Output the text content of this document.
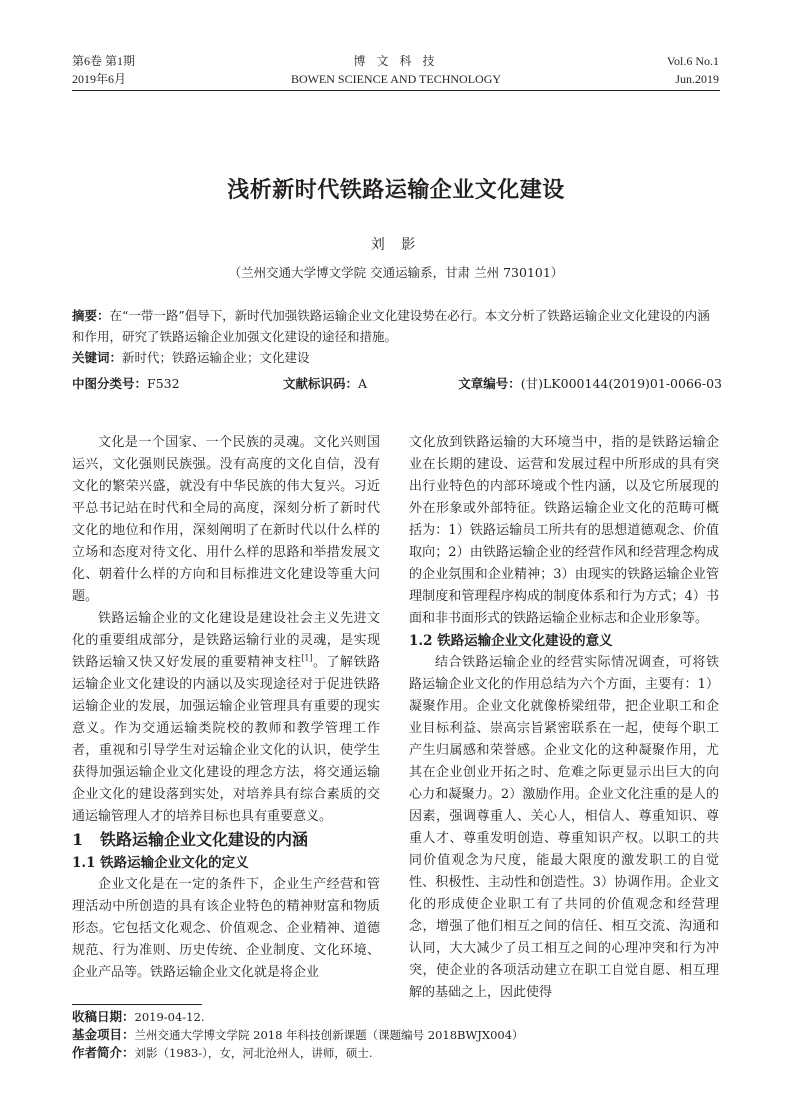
第6卷 第1期
2019年6月
博 文 科 技
BOWEN SCIENCE AND TECHNOLOGY
Vol.6 No.1
Jun.2019
浅析新时代铁路运输企业文化建设
刘 影
（兰州交通大学博文学院 交通运输系，甘肃 兰州 730101）
摘要：在“一带一路”倡导下，新时代加强铁路运输企业文化建设势在必行。本文分析了铁路运输企业文化建设的内涵和作用，研究了铁路运输企业加强文化建设的途径和措施。
关键词：新时代；铁路运输企业；文化建设
中图分类号：F532	文献标识码：A	文章编号：(甘)LK000144(2019)01-0066-03

文化是一个国家、一个民族的灵魂。文化兴则国运兴，文化强则民族强。没有高度的文化自信，没有文化的繁荣兴盛，就没有中华民族的伟大复兴。习近平总书记站在时代和全局的高度，深刻分析了新时代文化的地位和作用，深刻阐明了在新时代以什么样的立场和态度对待文化、用什么样的思路和举措发展文化、朝着什么样的方向和目标推进文化建设等重大问题。

铁路运输企业的文化建设是建设社会主义先进文化的重要组成部分，是铁路运输行业的灵魂，是实现铁路运输又快又好发展的重要精神支柱[1]。了解铁路运输企业文化建设的内涵以及实现途径对于促进铁路运输企业的发展，加强运输企业管理具有重要的现实意义。作为交通运输类院校的教师和教学管理工作者，重视和引导学生对运输企业文化的认识，使学生获得加强运输企业文化建设的理念方法，将交通运输企业文化的建设落到实处，对培养具有综合素质的交通运输管理人才的培养目标也具有重要意义。

1 铁路运输企业文化建设的内涵

1.1 铁路运输企业文化的定义

企业文化是在一定的条件下，企业生产经营和管理活动中所创造的具有该企业特色的精神财富和物质形态。它包括文化观念、价值观念、企业精神、道德规范、行为准则、历史传统、企业制度、文化环境、企业产品等。铁路运输企业文化就是将企业

文化放到铁路运输的大环境当中，指的是铁路运输企业在长期的建设、运营和发展过程中所形成的具有突出行业特色的内部环境或个性内涵，以及它所展现的外在形象或外部特征。铁路运输企业文化的范畴可概括为：1）铁路运输员工所共有的思想道德观念、价值取向；2）由铁路运输企业的经营作风和经营理念构成的企业氛围和企业精神；3）由现实的铁路运输企业管理制度和管理程序构成的制度体系和行为方式；4）书面和非书面形式的铁路运输企业标志和企业形象等。

1.2 铁路运输企业文化建设的意义

结合铁路运输企业的经营实际情况调查，可将铁路运输企业文化的作用总结为六个方面，主要有：1）凝聚作用。企业文化就像桥梁纽带，把企业职工和企业目标利益、崇高宗旨紧密联系在一起，使每个职工产生归属感和荣誉感。企业文化的这种凝聚作用，尤其在企业创业开拓之时、危难之际更显示出巨大的向心力和凝聚力。2）激励作用。企业文化注重的是人的因素，强调尊重人、关心人，相信人、尊重知识、尊重人才、尊重发明创造、尊重知识产权。以职工的共同价值观念为尺度，能最大限度的激发职工的自觉性、积极性、主动性和创造性。3）协调作用。企业文化的形成使企业职工有了共同的价值观念和经营理念，增强了他们相互之间的信任、相互交流、沟通和认同，大大减少了员工相互之间的心理冲突和行为冲突，使企业的各项活动建立在职工自觉自愿、相互理解的基础之上，因此使得

收稿日期：2019-04-12.
基金项目：兰州交通大学博文学院 2018 年科技创新课题（课题编号 2018BWJX004）
作者简介：刘影（1983-），女，河北沧州人，讲师，硕士.
